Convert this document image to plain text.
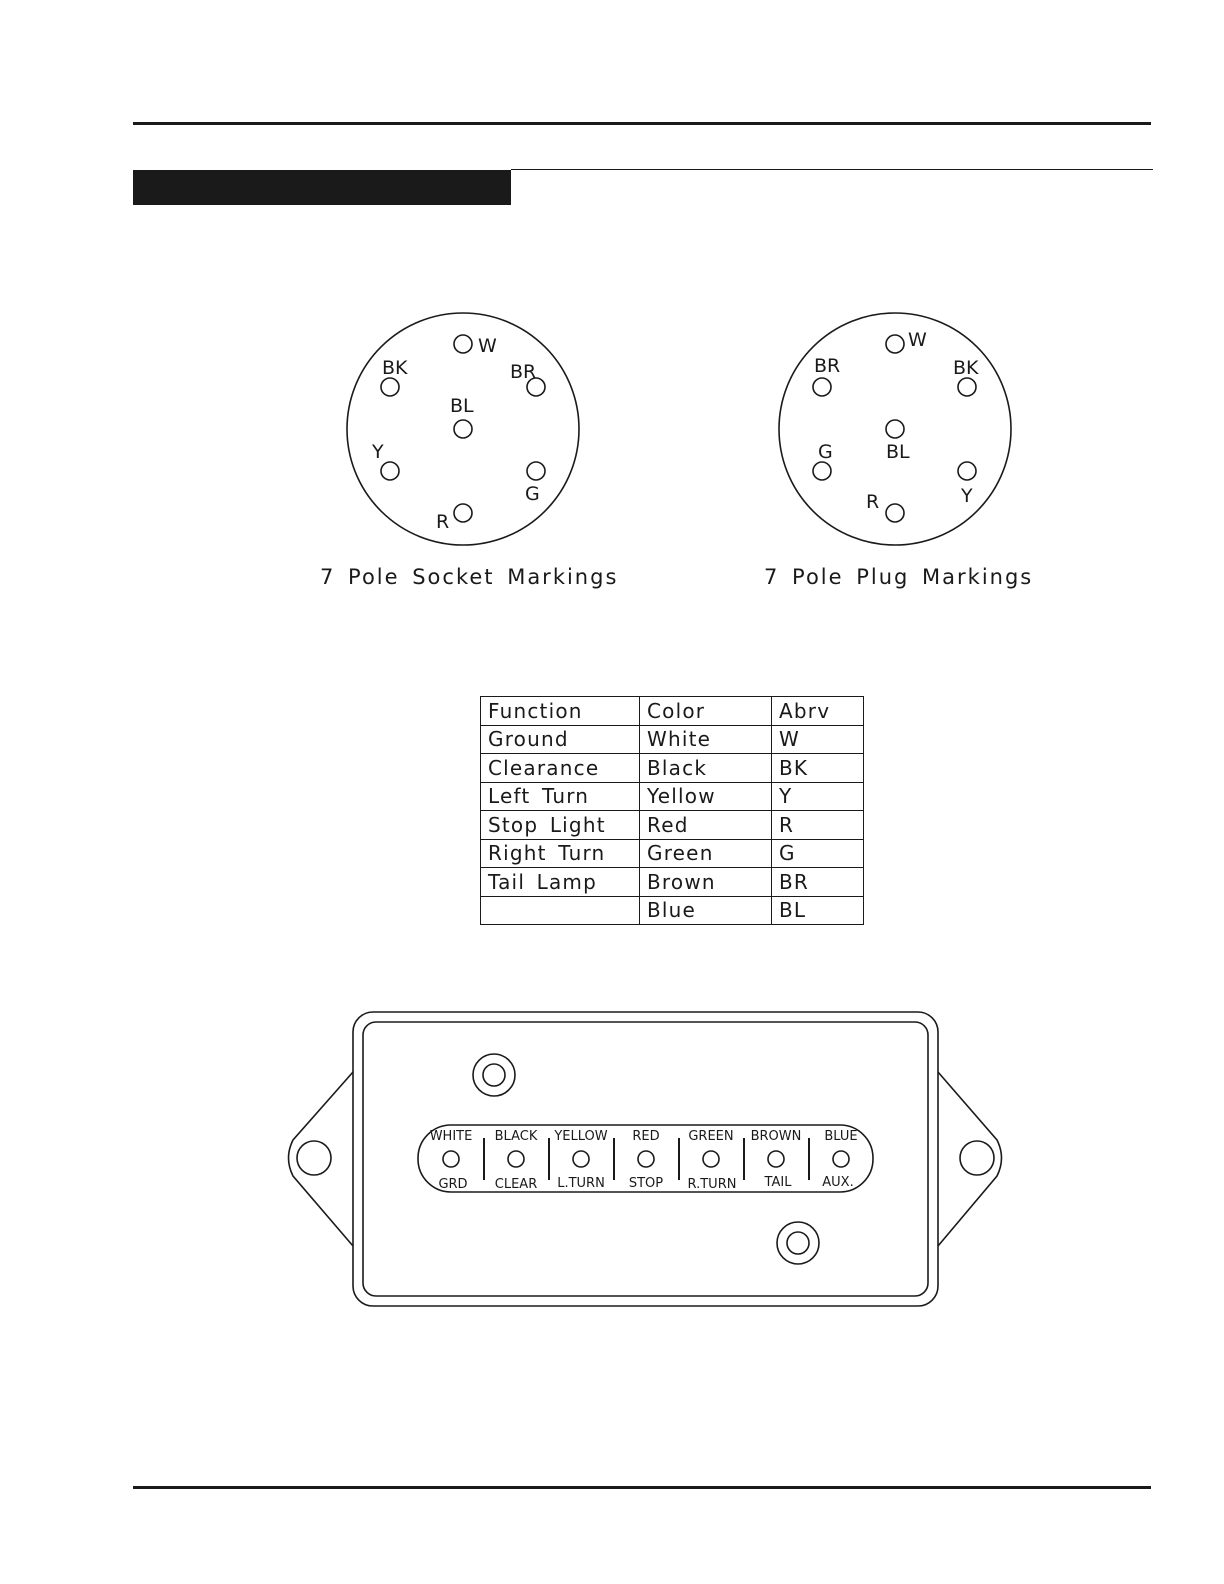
W
BK	BR
BL
Y
G
R
W
BR	BK
BL
G
Y
R
WHITE BLACK YELLOW RED GREEN BROWN BLUE
GRD CLEAR L.TURN STOP R.TURN TAIL AUX.
7 Pole Socket Markings	7 Pole Plug Markings
Function	Color	Abrv
Ground	White	W
Clearance	Black	BK
Left Turn	Yellow	Y
Stop Light	Red	R
Right Turn	Green	G
Tail Lamp	Brown	BR
	Blue	BL
